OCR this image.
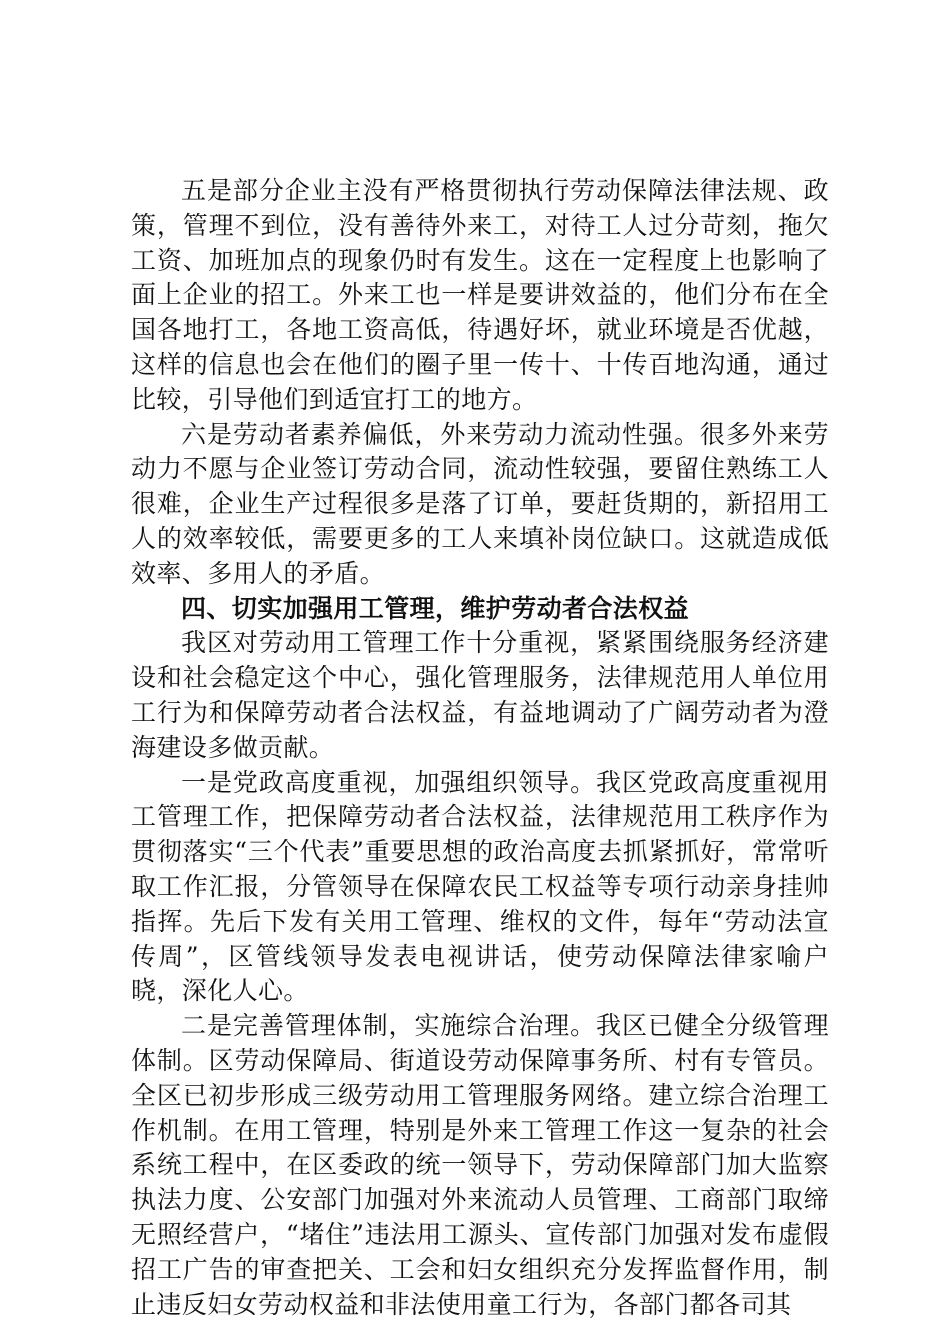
五是部分企业主没有严格贯彻执行劳动保障法律法规、政策，管理不到位，没有善待外来工，对待工人过分苛刻，拖欠工资、加班加点的现象仍时有发生。这在一定程度上也影响了面上企业的招工。外来工也一样是要讲效益的，他们分布在全国各地打工，各地工资高低，待遇好坏，就业环境是否优越，这样的信息也会在他们的圈子里一传十、十传百地沟通，通过比较，引导他们到适宜打工的地方。

六是劳动者素养偏低，外来劳动力流动性强。很多外来劳动力不愿与企业签订劳动合同，流动性较强，要留住熟练工人很难，企业生产过程很多是落了订单，要赶货期的，新招用工人的效率较低，需要更多的工人来填补岗位缺口。这就造成低效率、多用人的矛盾。

四、切实加强用工管理，维护劳动者合法权益

我区对劳动用工管理工作十分重视，紧紧围绕服务经济建设和社会稳定这个中心，强化管理服务，法律规范用人单位用工行为和保障劳动者合法权益，有益地调动了广阔劳动者为澄海建设多做贡献。

一是党政高度重视，加强组织领导。我区党政高度重视用工管理工作，把保障劳动者合法权益，法律规范用工秩序作为贯彻落实“三个代表”重要思想的政治高度去抓紧抓好，常常听取工作汇报，分管领导在保障农民工权益等专项行动亲身挂帅指挥。先后下发有关用工管理、维权的文件，每年“劳动法宣传周”，区管线领导发表电视讲话，使劳动保障法律家喻户晓，深化人心。

二是完善管理体制，实施综合治理。我区已健全分级管理体制。区劳动保障局、街道设劳动保障事务所、村有专管员。全区已初步形成三级劳动用工管理服务网络。建立综合治理工作机制。在用工管理，特别是外来工管理工作这一复杂的社会系统工程中，在区委政的统一领导下，劳动保障部门加大监察执法力度、公安部门加强对外来流动人员管理、工商部门取缔无照经营户，“堵住”违法用工源头、宣传部门加强对发布虚假招工广告的审查把关、工会和妇女组织充分发挥监督作用，制止违反妇女劳动权益和非法使用童工行为，各部门都各司其
